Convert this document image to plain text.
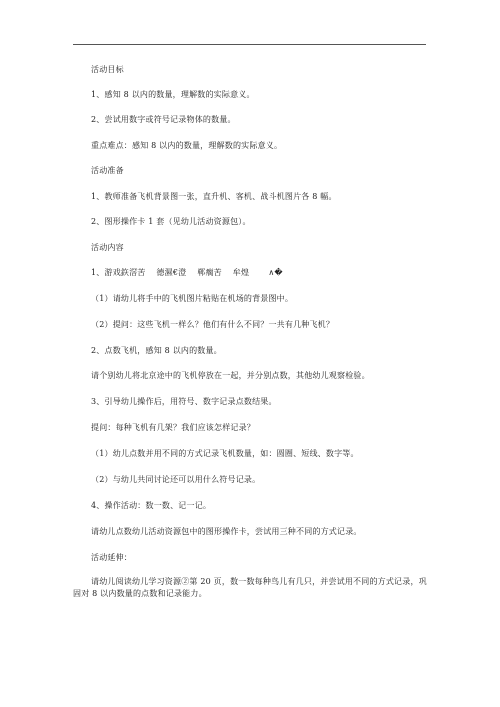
活动目标
1、感知 8 以内的数量，理解数的实际意义。
2、尝试用数字或符号记录物体的数量。
重点难点：感知 8 以内的数量，理解数的实际意义。
活动准备
1、教师准备飞机背景图一张，直升机、客机、战斗机图片各 8 幅。
2、图形操作卡 1 套（见幼儿活动资源包）。
活动内容
1、游戏鉃滘苦　 德濕€澄　 郸瘸苦　 牟煌　　 ∧�
（1）请幼儿将手中的飞机图片粘贴在机场的背景图中。
（2）提问：这些飞机一样么？他们有什么不同？一共有几种飞机？
2、点数飞机，感知 8 以内的数量。
请个别幼儿将北京途中的飞机停放在一起，并分别点数，其他幼儿观察检验。
3、引导幼儿操作后，用符号、数字记录点数结果。
提问：每种飞机有几架？我们应该怎样记录？
（1）幼儿点数并用不同的方式记录飞机数量，如：圆圈、短线、数字等。
（2）与幼儿共同讨论还可以用什么符号记录。
4、操作活动：数一数、记一记。
请幼儿点数幼儿活动资源包中的图形操作卡，尝试用三种不同的方式记录。
活动延伸：
请幼儿阅读幼儿学习资源②第 20 页，数一数每种鸟儿有几只，并尝试用不同的方式记录，巩固对 8 以内数量的点数和记录能力。
